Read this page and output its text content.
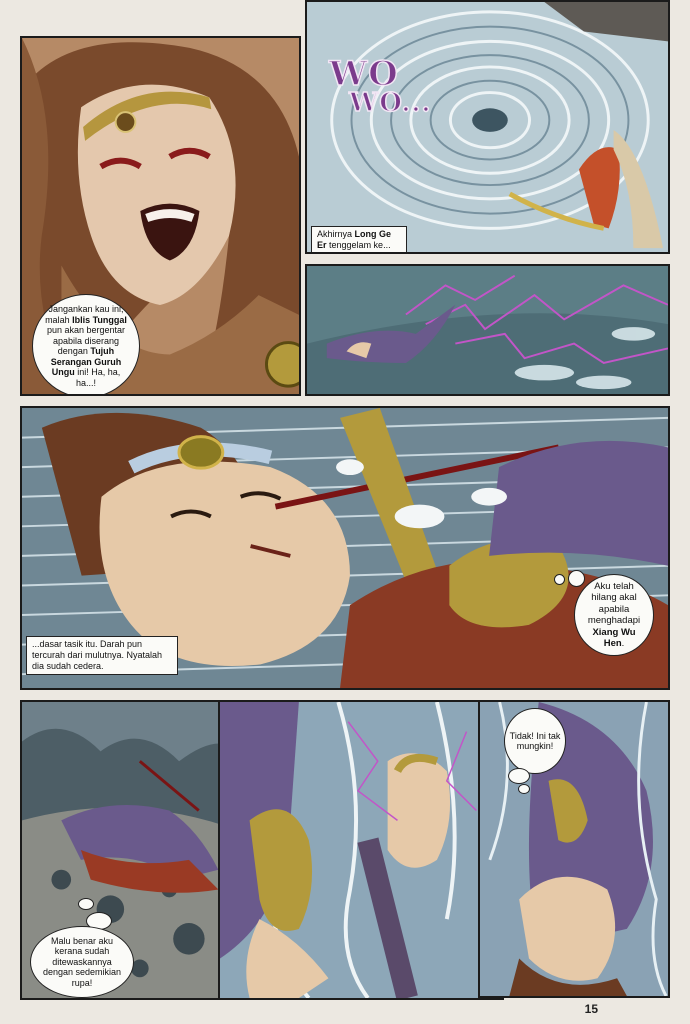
Jangankan kau ini, malah Iblis Tunggal pun akan bergentar apabila diserang dengan Tujuh Serangan Guruh Ungu ini! Ha, ha, ha...!
WO
WO...
Akhirnya Long Ge Er tenggelam ke...
Aku telah hilang akal apabila menghadapi Xiang Wu Hen.
...dasar tasik itu. Darah pun tercurah dari mulutnya. Nyatalah dia sudah cedera.
Malu benar aku kerana sudah ditewaskannya dengan sedemikian rupa!
Tidak! Ini tak mungkin!
15
